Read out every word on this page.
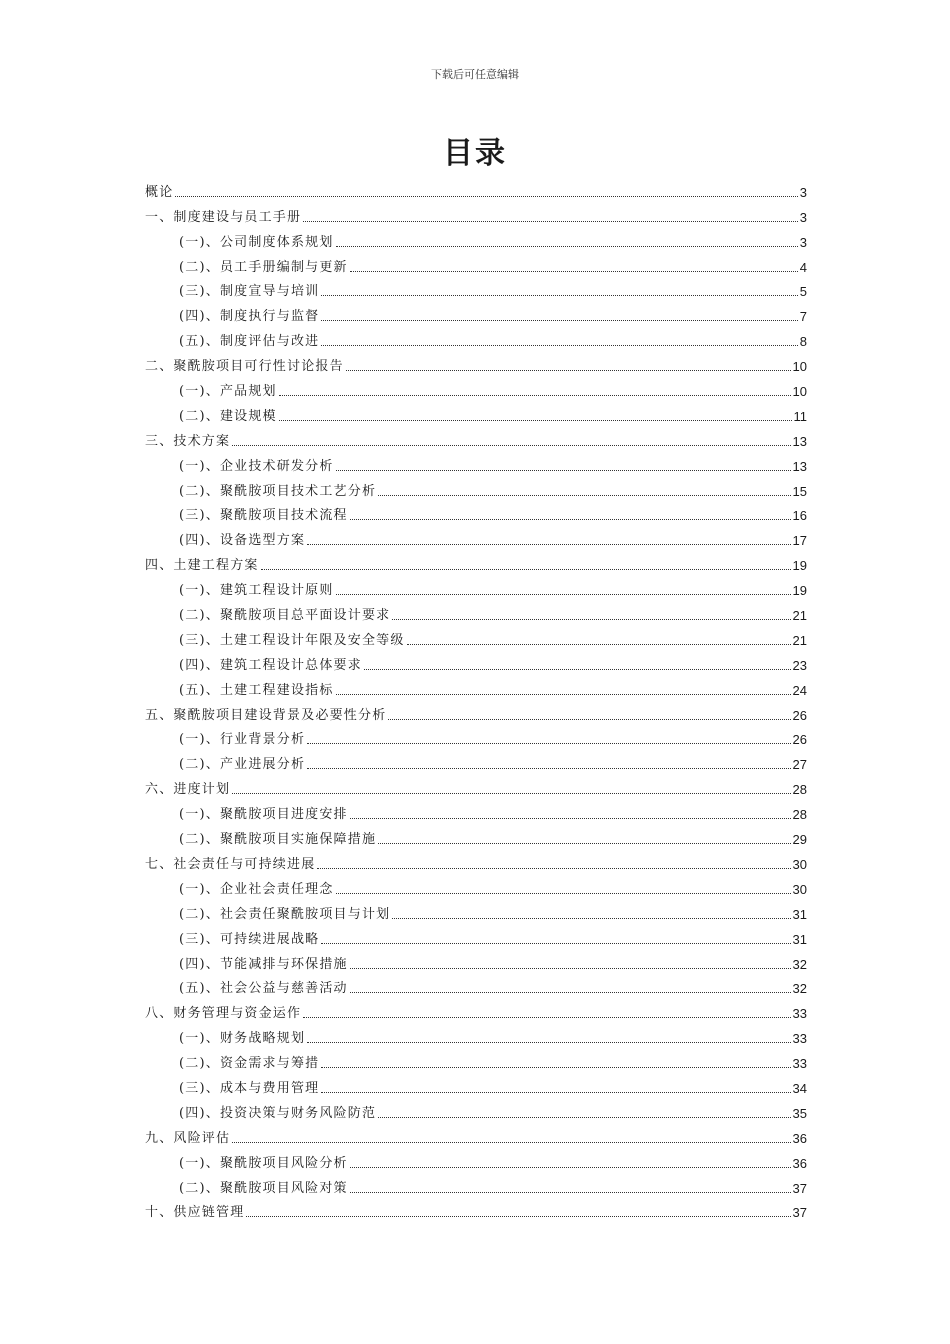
下载后可任意编辑
目录
概论	3
一、制度建设与员工手册	3
(一)、公司制度体系规划	3
(二)、员工手册编制与更新	4
(三)、制度宣导与培训	5
(四)、制度执行与监督	7
(五)、制度评估与改进	8
二、聚酰胺项目可行性讨论报告	10
(一)、产品规划	10
(二)、建设规模	11
三、技术方案	13
(一)、企业技术研发分析	13
(二)、聚酰胺项目技术工艺分析	15
(三)、聚酰胺项目技术流程	16
(四)、设备选型方案	17
四、土建工程方案	19
(一)、建筑工程设计原则	19
(二)、聚酰胺项目总平面设计要求	21
(三)、土建工程设计年限及安全等级	21
(四)、建筑工程设计总体要求	23
(五)、土建工程建设指标	24
五、聚酰胺项目建设背景及必要性分析	26
(一)、行业背景分析	26
(二)、产业进展分析	27
六、进度计划	28
(一)、聚酰胺项目进度安排	28
(二)、聚酰胺项目实施保障措施	29
七、社会责任与可持续进展	30
(一)、企业社会责任理念	30
(二)、社会责任聚酰胺项目与计划	31
(三)、可持续进展战略	31
(四)、节能减排与环保措施	32
(五)、社会公益与慈善活动	32
八、财务管理与资金运作	33
(一)、财务战略规划	33
(二)、资金需求与筹措	33
(三)、成本与费用管理	34
(四)、投资决策与财务风险防范	35
九、风险评估	36
(一)、聚酰胺项目风险分析	36
(二)、聚酰胺项目风险对策	37
十、供应链管理	37
